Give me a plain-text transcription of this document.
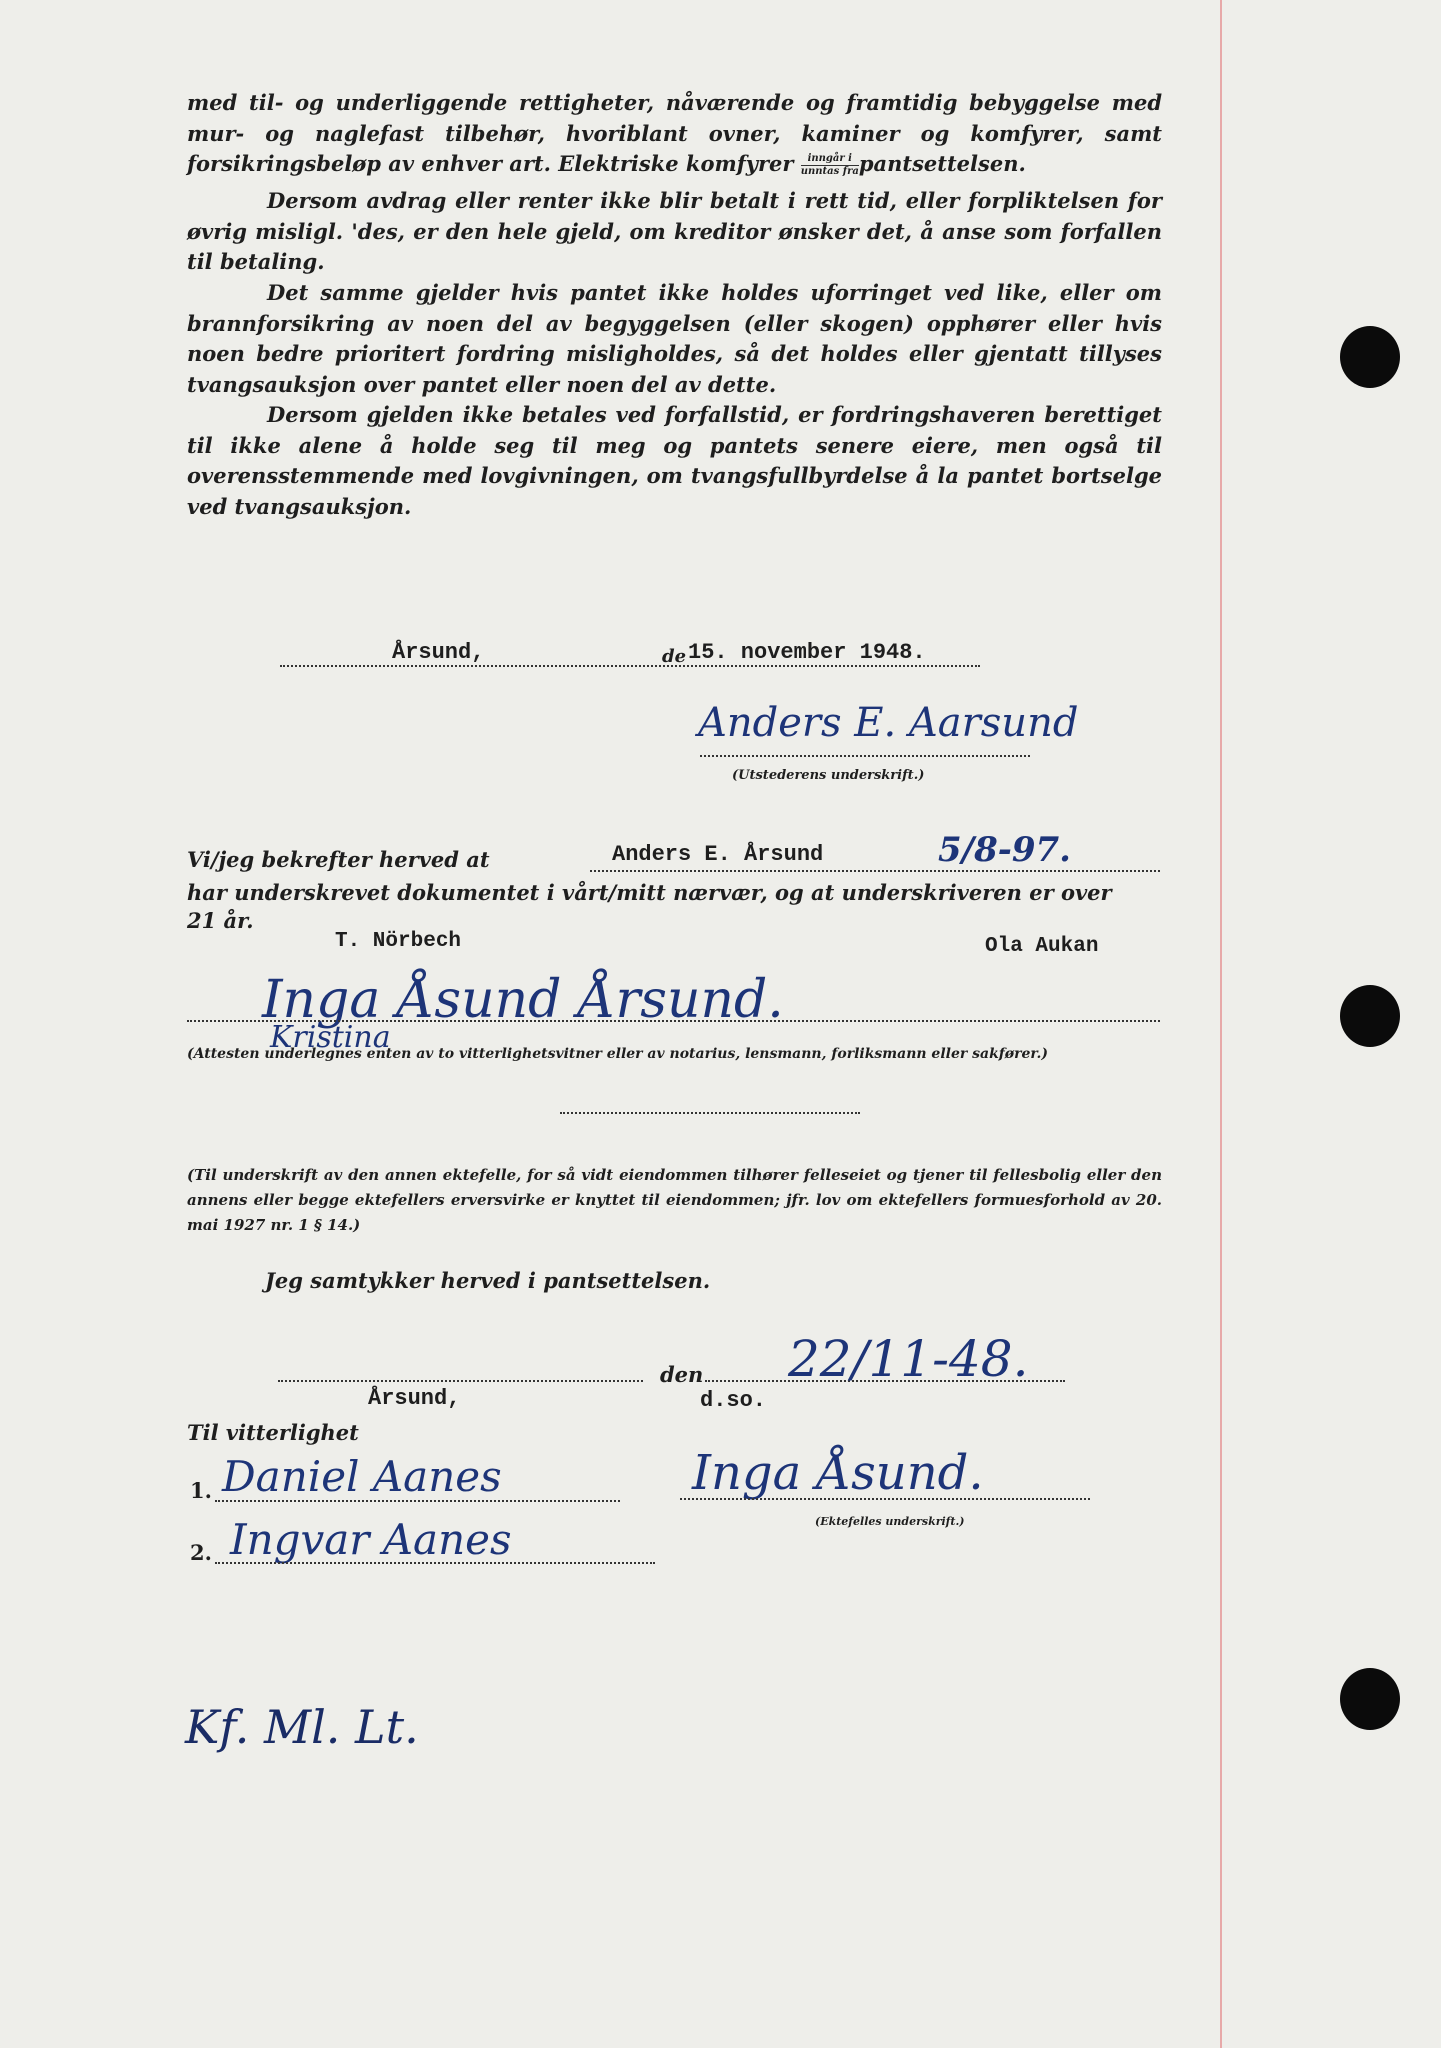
med til- og underliggende rettigheter, nåværende og framtidig bebyggelse med mur- og naglefast tilbehør, hvoriblant ovner, kaminer og komfyrer, samt forsikringsbeløp av enhver art. Elektriske komfyrer $\frac{\text{inngår i}}{\text{unntas fra}}$ pantsettelsen.

Dersom avdrag eller renter ikke blir betalt i rett tid, eller forpliktelsen for øvrig misligl. 'des, er den hele gjeld, om kreditor ønsker det, å anse som forfallen til betaling.

Det samme gjelder hvis pantet ikke holdes uforringet ved like, eller om brannforsikring av noen del av begyggelsen (eller skogen) opphører eller hvis noen bedre prioritert fordring misligholdes, så det holdes eller gjentatt tillyses tvangsauksjon over pantet eller noen del av dette.

Dersom gjelden ikke betales ved forfallstid, er fordringshaveren berettiget til ikke alene å holde seg til meg og pantets senere eiere, men også til overensstemmende med lovgivningen, om tvangsfullbyrdelse å la pantet bortselge ved tvangsauksjon.

Årsund,	de 15. november 1948.
Anders E. Aarsund
(Utstederens underskrift.)
Vi/jeg bekrefter herved at	Anders E. Årsund	5/8-97.
har underskrevet dokumentet i vårt/mitt nærvær, og at underskriveren er over
21 år.
T. Nörbech	Ola Aukan
Inga Åsund Årsund.
Kristina
(Attesten underlegnes enten av to vitterlighetsvitner eller av notarius, lensmann, forliksmann eller sakfører.)

(Til underskrift av den annen ektefelle, for så vidt eiendommen tilhører felleseiet og tjener til fellesbolig eller den annens eller begge ektefellers erversvirke er knyttet til eiendommen; jfr. lov om ektefellers formuesforhold av 20. mai 1927 nr. 1 § 14.)

Jeg samtykker herved i pantsettelsen.
den 22/11-48.
Årsund,	d.so.
Til vitterlighet
1. Daniel Aanes	Inga Åsund.
(Ektefelles underskrift.)
2. Ingvar Aanes
Kf. Ml. Lt.
